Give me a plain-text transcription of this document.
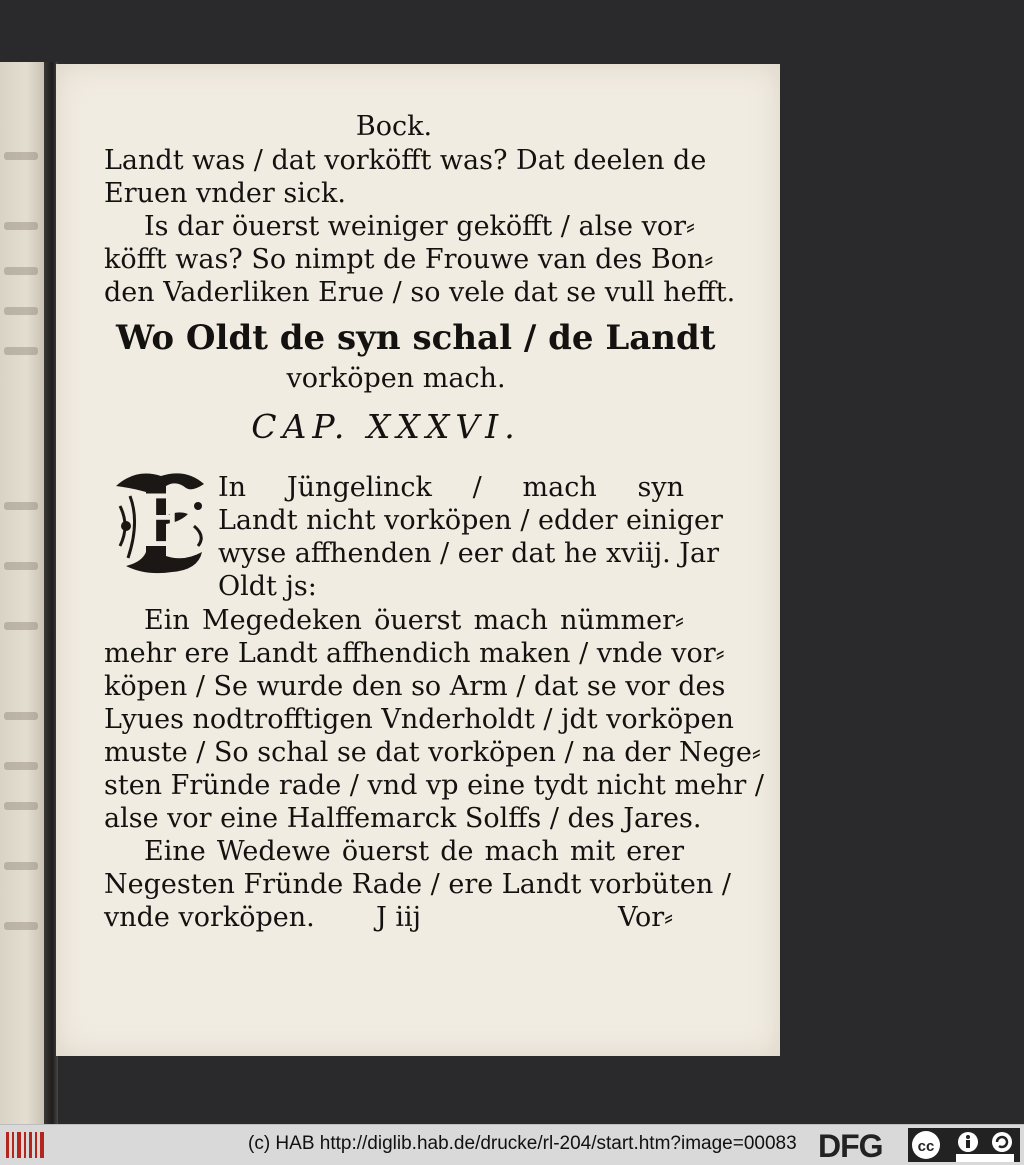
Bock.
Landt was / dat vorköfft was? Dat deelen de
Eruen vnder sick.
Is dar öuerst weiniger geköfft / alse vor⸗
köfft was? So nimpt de Frouwe van des Bon⸗
den Vaderliken Erue / so vele dat se vull hefft.
Wo Oldt de syn schal / de Landt
vorköpen mach.
CAP. XXXVI.
E In Jüngelinck / mach syn
Landt nicht vorköpen / edder einiger
wyse affhenden / eer dat he xviij. Jar
Oldt js:
Ein Megedeken öuerst mach nümmer⸗
mehr ere Landt affhendich maken / vnde vor⸗
köpen / Se wurde den so Arm / dat se vor des
Lyues nodtrofftigen Vnderholdt / jdt vorköpen
muste / So schal se dat vorköpen / na der Nege⸗
sten Fründe rade / vnd vp eine tydt nicht mehr /
alse vor eine Halffemarck Solffs / des Jares.
Eine Wedewe öuerst de mach mit erer
Negesten Fründe Rade / ere Landt vorbüten /
vnde vorköpen.	J iij	Vor⸗
(c) HAB http://diglib.hab.de/drucke/rl-204/start.htm?image=00083 DFG cc
